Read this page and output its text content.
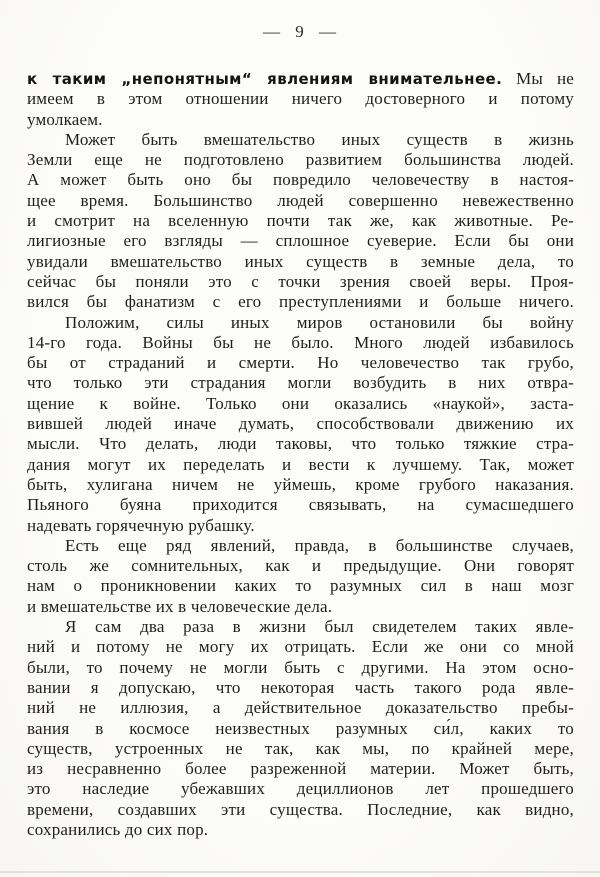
— 9 —
к таким „непонятным“ явлениям внимательнее. Мы не
имеем в этом отношении ничего достоверного и потому
умолкаем.
Может быть вмешательство иных существ в жизнь
Земли еще не подготовлено развитием большинства людей.
А может быть оно бы повредило человечеству в настоя-
щее время. Большинство людей совершенно невежественно
и смотрит на вселенную почти так же, как животные. Ре-
лигиозные его взгляды — сплошное суеверие. Если бы они
увидали вмешательство иных существ в земные дела, то
сейчас бы поняли это с точки зрения своей веры. Проя-
вился бы фанатизм с его преступлениями и больше ничего.
Положим, силы иных миров остановили бы войну
14-го года. Войны бы не было. Много людей избавилось
бы от страданий и смерти. Но человечество так грубо,
что только эти страдания могли возбудить в них отвра-
щение к войне. Только они оказались «наукой», заста-
вившей людей иначе думать, способствовали движению их
мысли. Что делать, люди таковы, что только тяжкие стра-
дания могут их переделать и вести к лучшему. Так, может
быть, хулигана ничем не уймешь, кроме грубого наказания.
Пьяного буяна приходится связывать, на сумасшедшего
надевать горячечную рубашку.
Есть еще ряд явлений, правда, в большинстве случаев,
столь же сомнительных, как и предыдущие. Они говорят
нам о проникновении каких то разумных сил в наш мозг
и вмешательстве их в человеческие дела.
Я сам два раза в жизни был свидетелем таких явле-
ний и потому не могу их отрицать. Если же они со мной
были, то почему не могли быть с другими. На этом осно-
вании я допускаю, что некоторая часть такого рода явле-
ний не иллюзия, а действительное доказательство пребы-
вания в космосе неизвестных разумных си́л, каких то
существ, устроенных не так, как мы, по крайней мере,
из несравненно более разреженной материи. Может быть,
это наследие убежавших дециллионов лет прошедшего
времени, создавших эти существа. Последние, как видно,
сохранились до сих пор.
